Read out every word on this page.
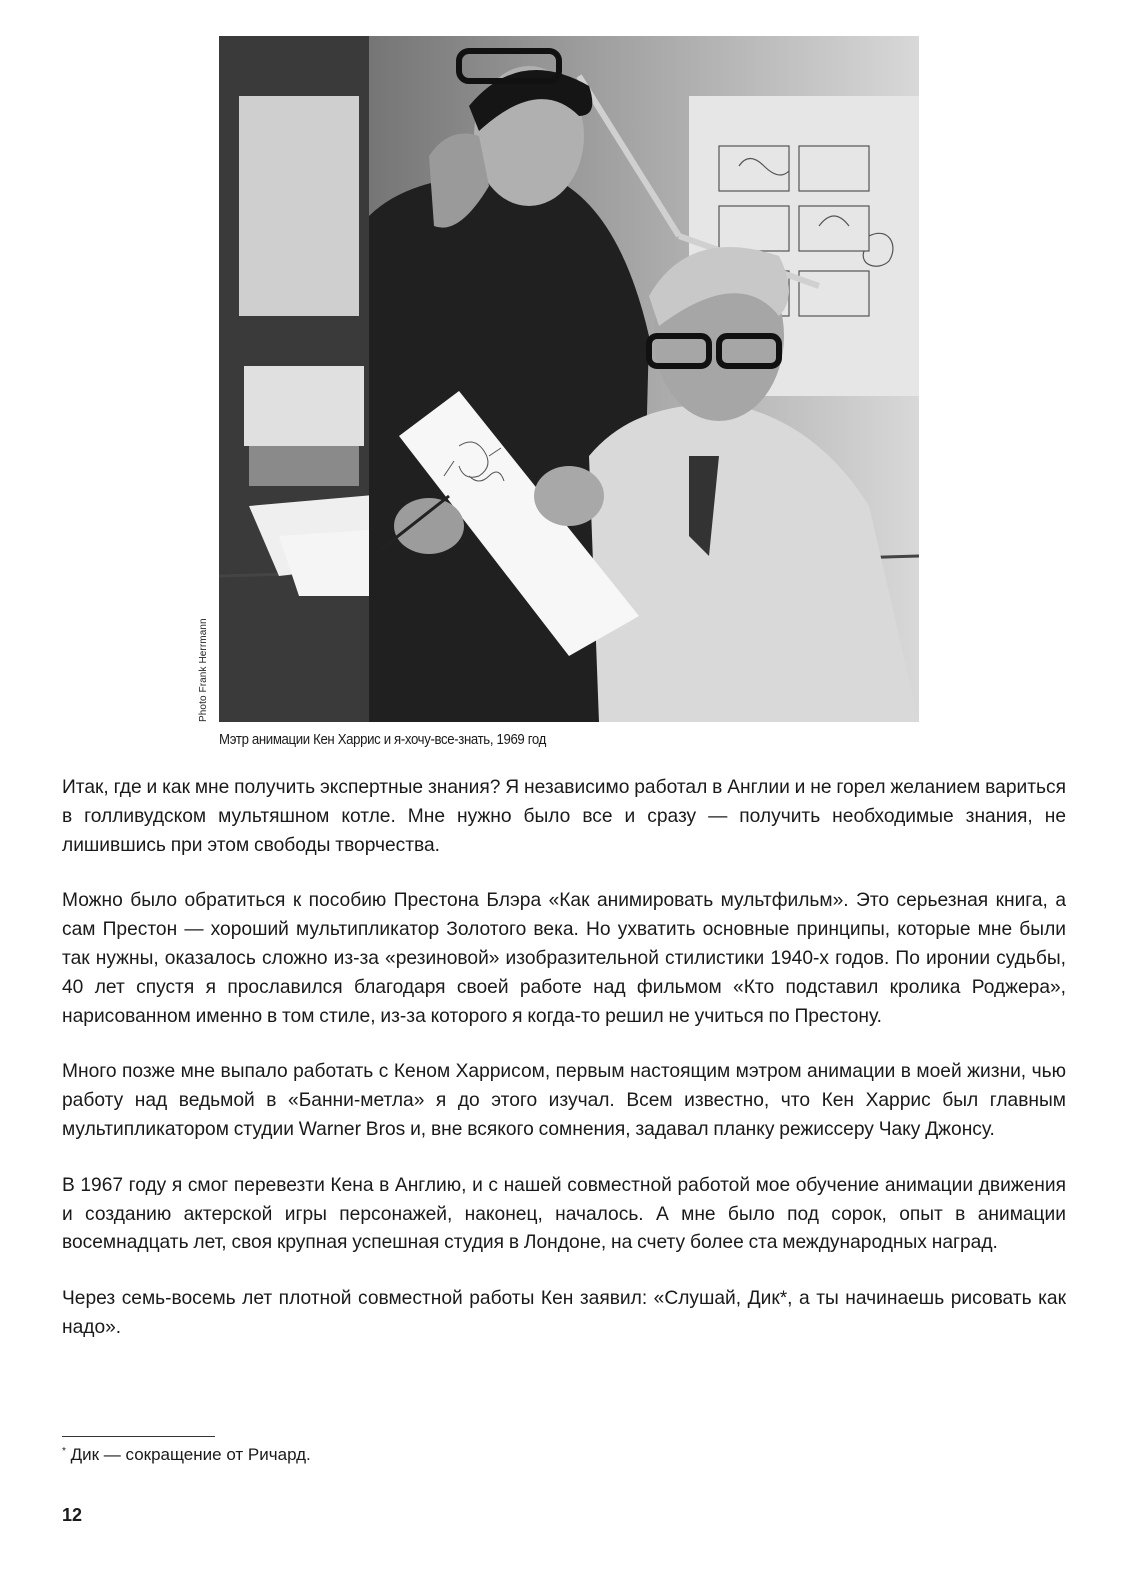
Photo Frank Herrmann
Мэтр анимации Кен Харрис и я-хочу-все-знать, 1969 год

Итак, где и как мне получить экспертные знания? Я независимо работал в Англии и не горел желанием вариться в голливудском мультяшном котле. Мне нужно было все и сразу — получить необходимые знания, не лишившись при этом свободы творчества.

Можно было обратиться к пособию Престона Блэра «Как анимировать мультфильм». Это серьезная книга, а сам Престон — хороший мультипликатор Золотого века. Но ухватить основные принципы, которые мне были так нужны, оказалось сложно из-за «резиновой» изобразительной стилистики 1940-х годов. По иронии судьбы, 40 лет спустя я прославился благодаря своей работе над фильмом «Кто подставил кролика Роджера», нарисованном именно в том стиле, из-за которого я когда-то решил не учиться по Престону.

Много позже мне выпало работать с Кеном Харрисом, первым настоящим мэтром анимации в моей жизни, чью работу над ведьмой в «Банни-метла» я до этого изучал. Всем известно, что Кен Харрис был главным мультипликатором студии Warner Bros и, вне всякого сомнения, задавал планку режиссеру Чаку Джонсу.

В 1967 году я смог перевезти Кена в Англию, и с нашей совместной работой мое обучение анимации движения и созданию актерской игры персонажей, наконец, началось. А мне было под сорок, опыт в анимации восемнадцать лет, своя крупная успешная студия в Лондоне, на счету более ста международных наград.

Через семь-восемь лет плотной совместной работы Кен заявил: «Слушай, Дик*, а ты начинаешь рисовать как надо».

* Дик — сокращение от Ричард.
12
